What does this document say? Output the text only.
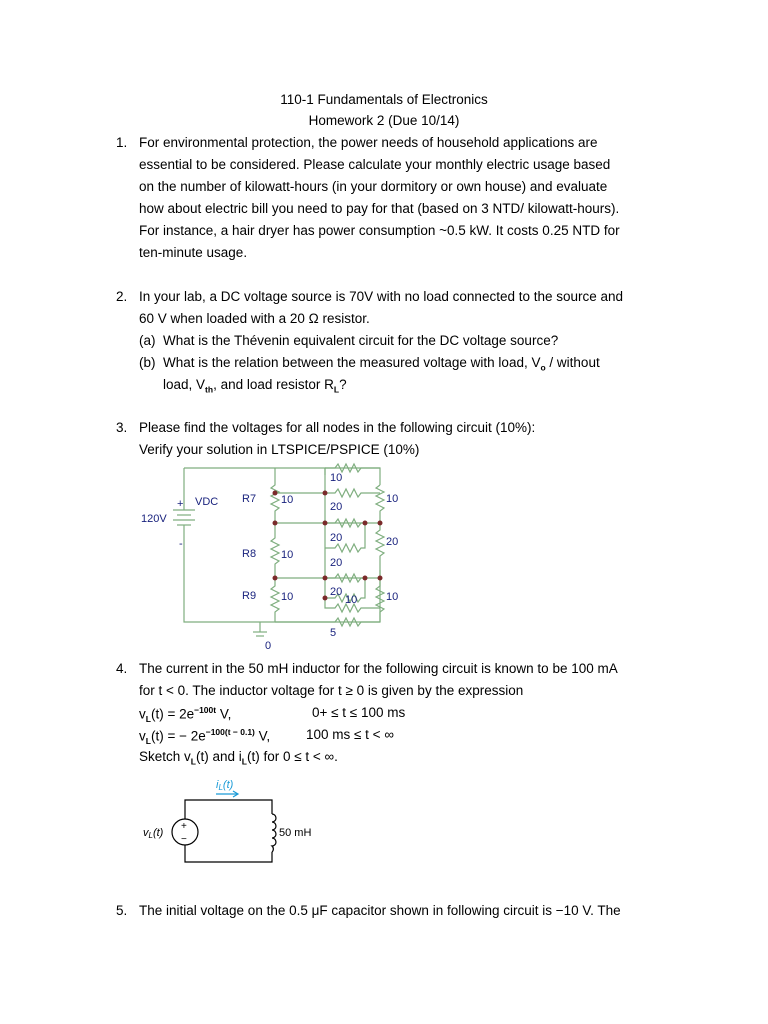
110-1 Fundamentals of Electronics
Homework 2 (Due 10/14)
1. For environmental protection, the power needs of household applications are
essential to be considered. Please calculate your monthly electric usage based
on the number of kilowatt-hours (in your dormitory or own house) and evaluate
how about electric bill you need to pay for that (based on 3 NTD/ kilowatt-hours).
For instance, a hair dryer has power consumption ~0.5 kW. It costs 0.25 NTD for
ten-minute usage.
2. In your lab, a DC voltage source is 70V with no load connected to the source and
60 V when loaded with a 20 Ω resistor.
(a) What is the Thévenin equivalent circuit for the DC voltage source?
(b) What is the relation between the measured voltage with load, $V_o$ / without
load, $V_{th}$, and load resistor $R_L$?
3. Please find the voltages for all nodes in the following circuit (10%):
Verify your solution in LTSPICE/PSPICE (10%)
+
-
VDC
120V
R7
R8
R9
10
10
10
10
20
20
20
20
10
10
20
10
5
0
4. The current in the 50 mH inductor for the following circuit is known to be 100 mA
for t < 0. The inductor voltage for t ≥ 0 is given by the expression
$v_L(t) = 2e^{-100t}$ V,	0+ ≤ t ≤ 100 ms
$v_L(t)$ = − $2e^{-100(t - 0.1)}$ V,	100 ms ≤ t < ∞
Sketch $v_L(t)$ and $i_L(t)$ for 0 ≤ t < ∞.
+
−
vL(t)
iL(t)
50 mH
5. The initial voltage on the 0.5 μF capacitor shown in following circuit is −10 V. The
